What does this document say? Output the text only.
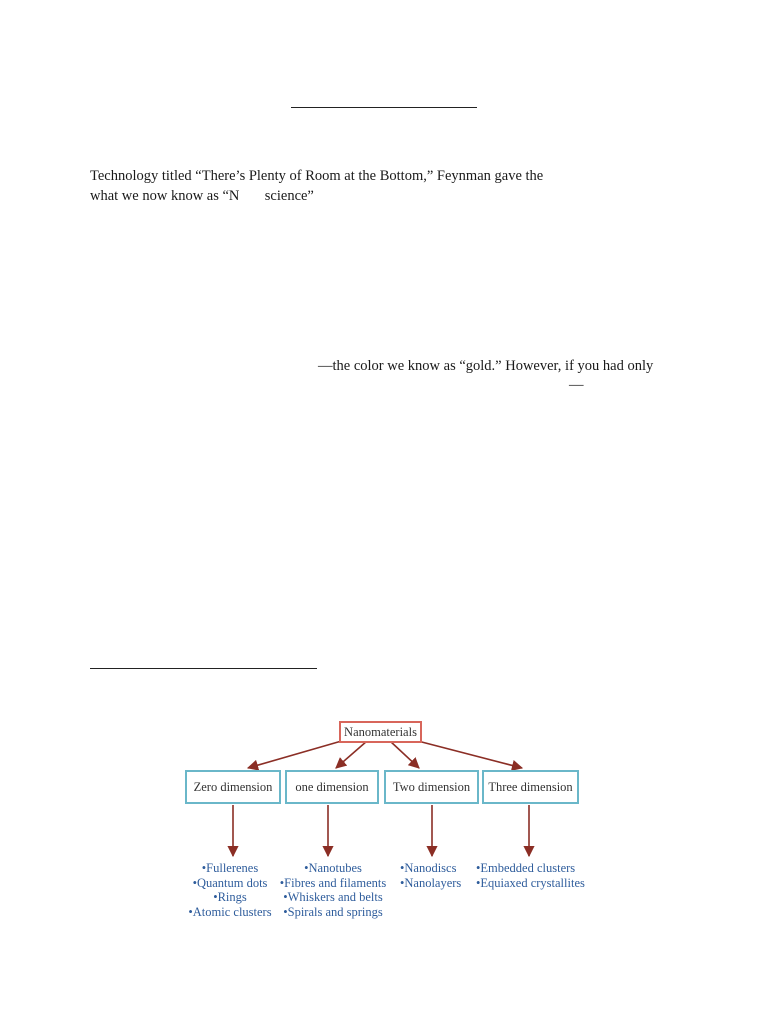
Technology titled “There’s Plenty of Room at the Bottom,” Feynman gave the
what we now know as “N       science”
—the color we know as “gold.” However, if you had only
—
Nanomaterials
Zero dimension	one dimension	Two dimension	Three dimension
•Fullerenes
•Quantum dots
•Rings
•Atomic clusters
•Nanotubes
•Fibres and filaments
•Whiskers and belts
•Spirals and springs
•Nanodiscs
•Nanolayers
•Embedded clusters
•Equiaxed crystallites
